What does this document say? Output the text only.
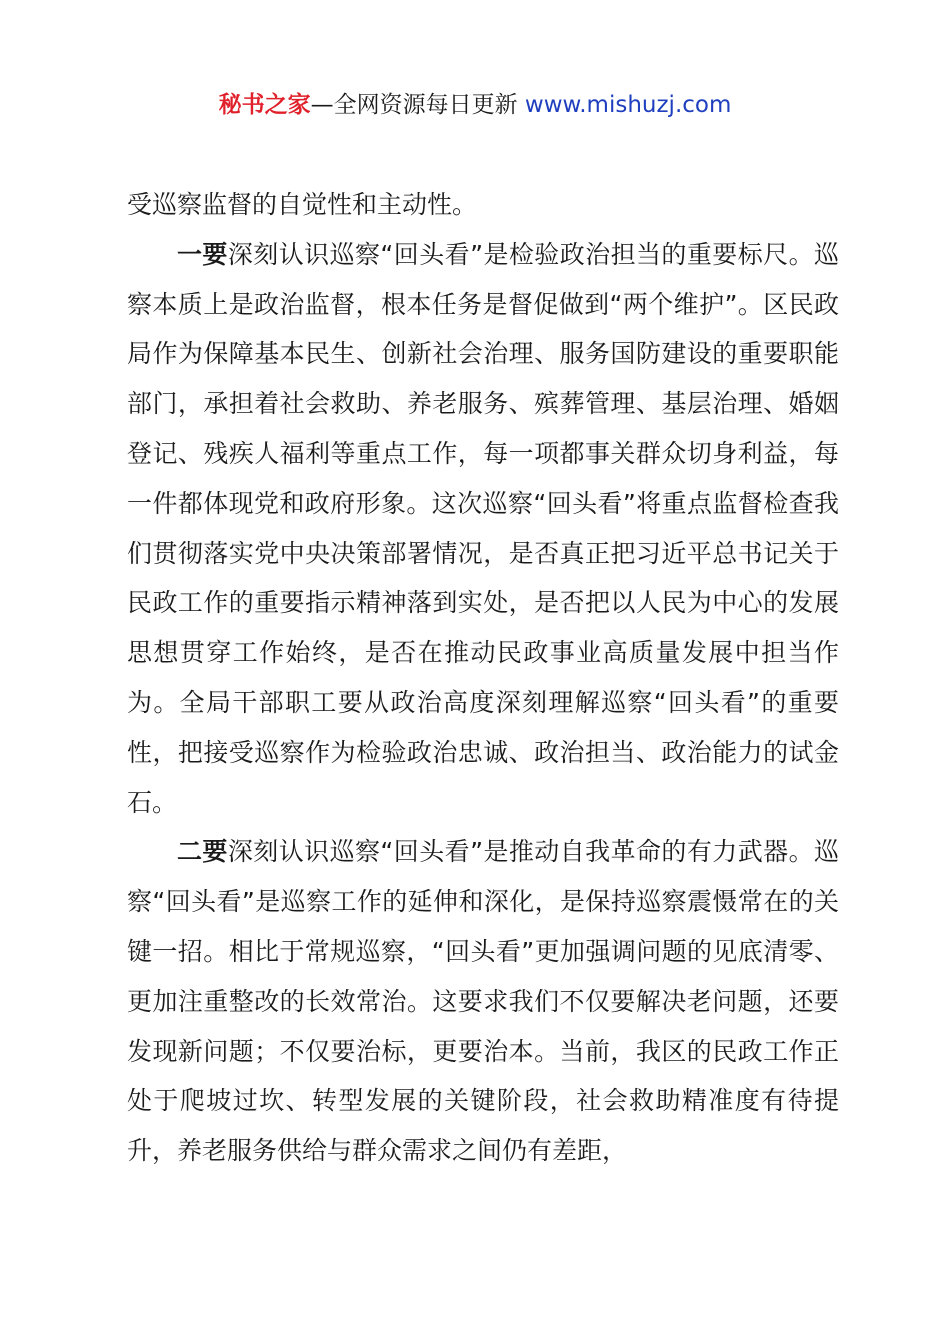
秘书之家—全网资源每日更新 www.mishuzj.com

受巡察监督的自觉性和主动性。

一要深刻认识巡察“回头看”是检验政治担当的重要标尺。巡察本质上是政治监督，根本任务是督促做到“两个维护”。区民政局作为保障基本民生、创新社会治理、服务国防建设的重要职能部门，承担着社会救助、养老服务、殡葬管理、基层治理、婚姻登记、残疾人福利等重点工作，每一项都事关群众切身利益，每一件都体现党和政府形象。这次巡察“回头看”将重点监督检查我们贯彻落实党中央决策部署情况，是否真正把习近平总书记关于民政工作的重要指示精神落到实处，是否把以人民为中心的发展思想贯穿工作始终，是否在推动民政事业高质量发展中担当作为。全局干部职工要从政治高度深刻理解巡察“回头看”的重要性，把接受巡察作为检验政治忠诚、政治担当、政治能力的试金石。

二要深刻认识巡察“回头看”是推动自我革命的有力武器。巡察“回头看”是巡察工作的延伸和深化，是保持巡察震慑常在的关键一招。相比于常规巡察，“回头看”更加强调问题的见底清零、更加注重整改的长效常治。这要求我们不仅要解决老问题，还要发现新问题；不仅要治标，更要治本。当前，我区的民政工作正处于爬坡过坎、转型发展的关键阶段，社会救助精准度有待提升，养老服务供给与群众需求之间仍有差距，
